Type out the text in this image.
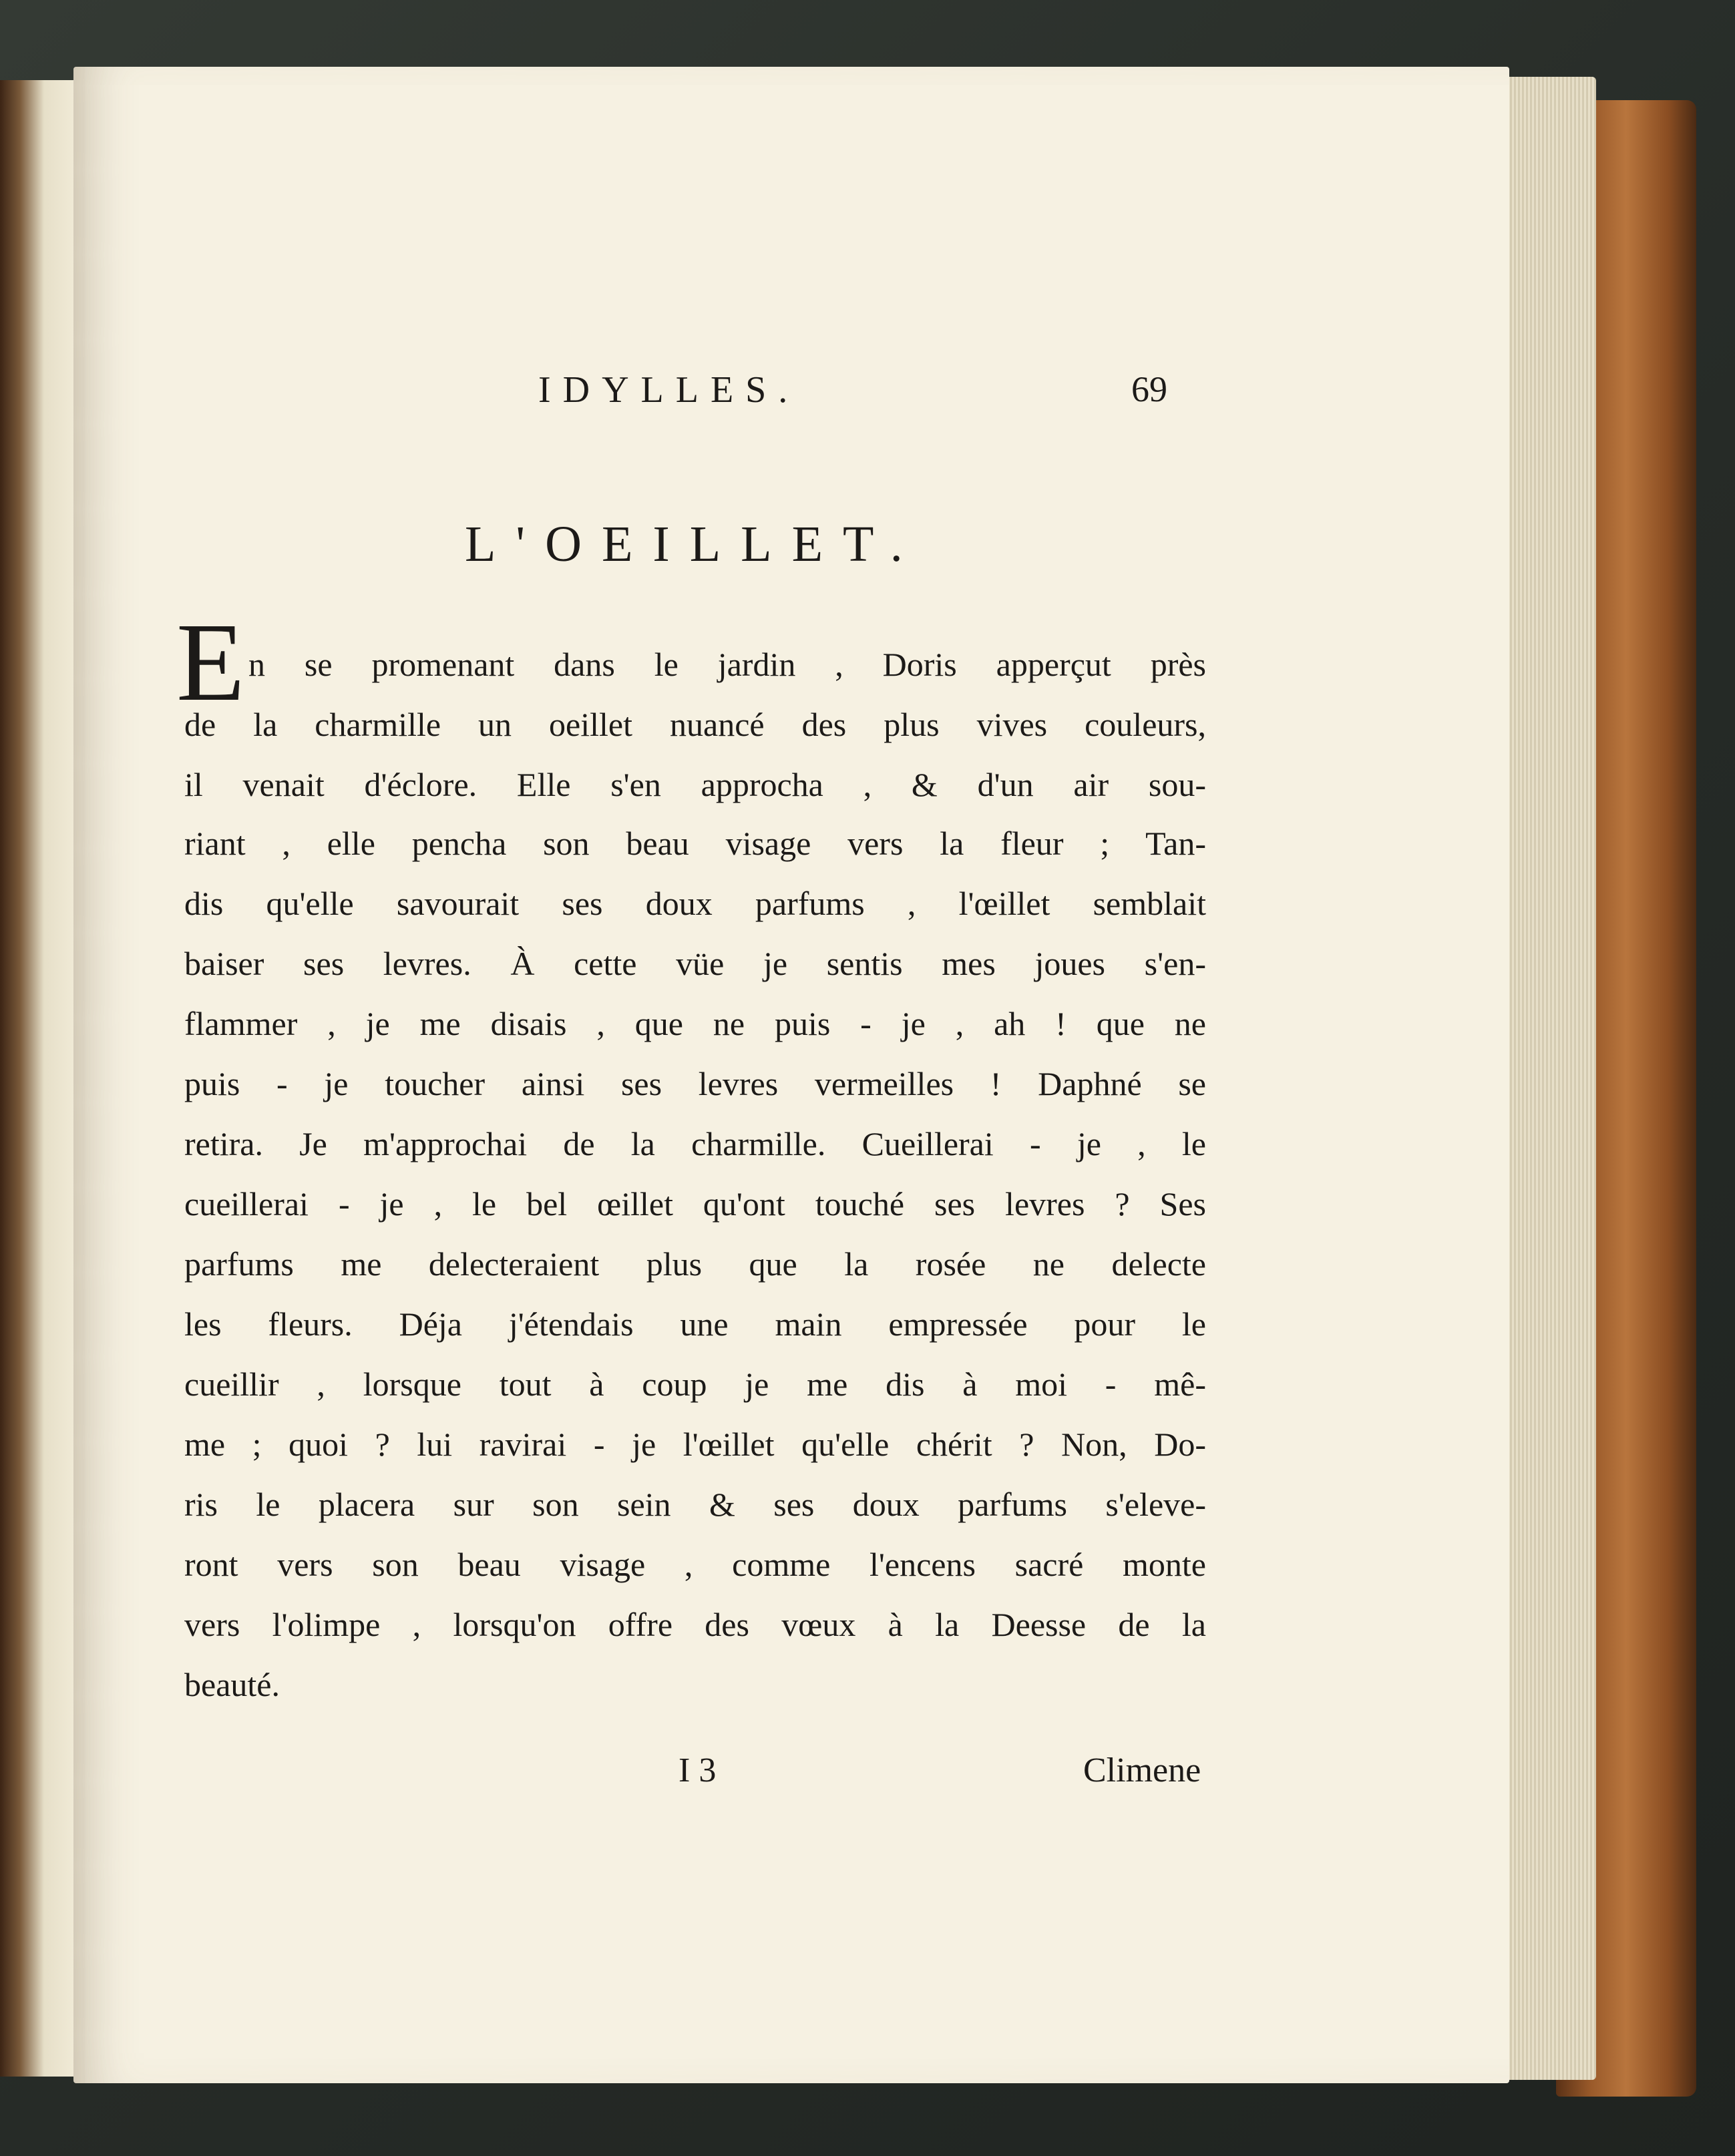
IDYLLES.	69
L'OEILLET.
E n se promenant dans le jardin , Doris apperçut près
de la charmille un oeillet nuancé des plus vives couleurs,
il venait d'éclore. Elle s'en approcha , & d'un air sou-
riant , elle pencha son beau visage vers la fleur ; Tan-
dis qu'elle savourait ses doux parfums , l'œillet semblait
baiser ses levres. À cette vüe je sentis mes joues s'en-
flammer , je me disais , que ne puis - je , ah ! que ne
puis - je toucher ainsi ses levres vermeilles ! Daphné se
retira. Je m'approchai de la charmille. Cueillerai - je , le
cueillerai - je , le bel œillet qu'ont touché ses levres ? Ses
parfums me delecteraient plus que la rosée ne delecte
les fleurs. Déja j'étendais une main empressée pour le
cueillir , lorsque tout à coup je me dis à moi - mê-
me ; quoi ? lui ravirai - je l'œillet qu'elle chérit ? Non, Do-
ris le placera sur son sein & ses doux parfums s'eleve-
ront vers son beau visage , comme l'encens sacré monte
vers l'olimpe , lorsqu'on offre des vœux à la Deesse de la
beauté.
I 3	Climene
